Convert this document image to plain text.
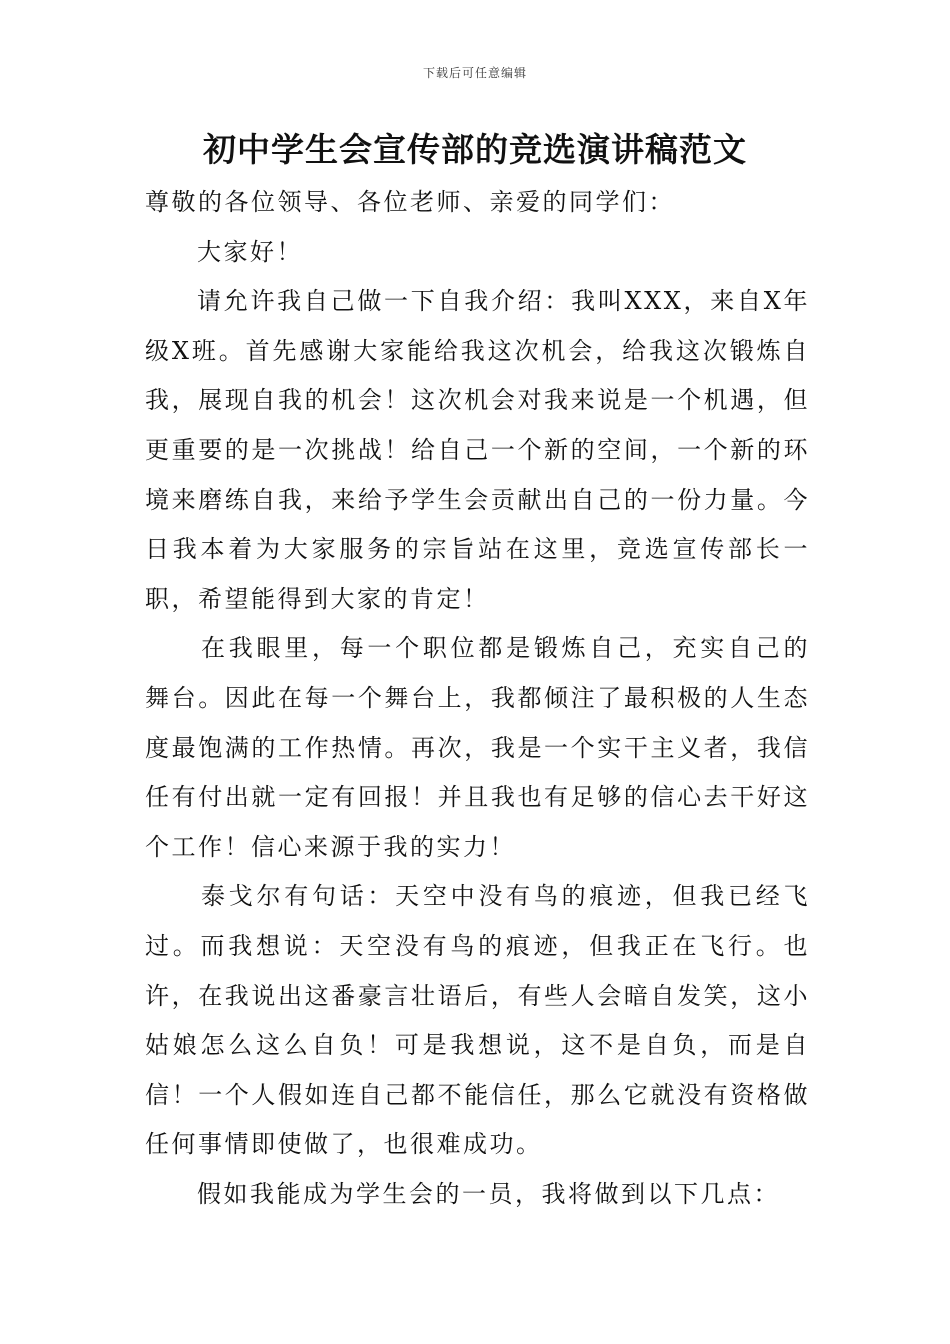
下载后可任意编辑
初中学生会宣传部的竞选演讲稿范文

尊敬的各位领导、各位老师、亲爱的同学们：

大家好！

请允许我自己做一下自我介绍：我叫XXX，来自X年级X班。首先感谢大家能给我这次机会，给我这次锻炼自我，展现自我的机会！这次机会对我来说是一个机遇，但更重要的是一次挑战！给自己一个新的空间，一个新的环境来磨练自我，来给予学生会贡献出自己的一份力量。今日我本着为大家服务的宗旨站在这里，竞选宣传部长一职，希望能得到大家的肯定！

在我眼里，每一个职位都是锻炼自己，充实自己的舞台。因此在每一个舞台上，我都倾注了最积极的人生态度最饱满的工作热情。再次，我是一个实干主义者，我信任有付出就一定有回报！并且我也有足够的信心去干好这个工作！信心来源于我的实力！

泰戈尔有句话：天空中没有鸟的痕迹，但我已经飞过。而我想说：天空没有鸟的痕迹，但我正在飞行。也许，在我说出这番豪言壮语后，有些人会暗自发笑，这小姑娘怎么这么自负！可是我想说，这不是自负，而是自信！一个人假如连自己都不能信任，那么它就没有资格做任何事情即使做了，也很难成功。

假如我能成为学生会的一员，我将做到以下几点：
